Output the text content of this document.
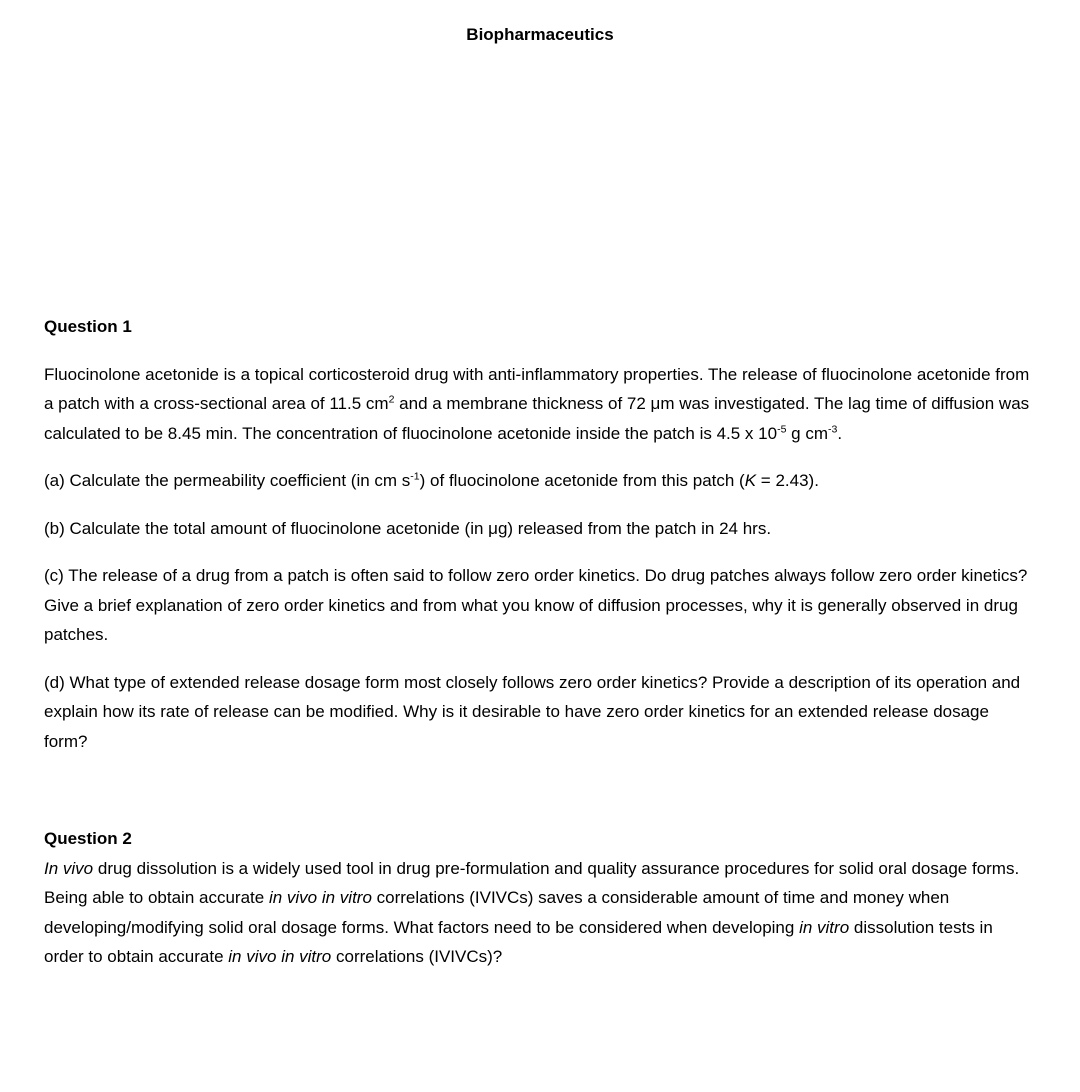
Biopharmaceutics

Question 1

Fluocinolone acetonide is a topical corticosteroid drug with anti-inflammatory properties. The release of fluocinolone acetonide from a patch with a cross-sectional area of 11.5 $cm^2$ and a membrane thickness of 72 μm was investigated. The lag time of diffusion was calculated to be 8.45 min. The concentration of fluocinolone acetonide inside the patch is 4.5 x $10^{-5}$ g $cm^{-3}$.

(a) Calculate the permeability coefficient (in cm $s^{-1}$) of fluocinolone acetonide from this patch (K = 2.43).

(b) Calculate the total amount of fluocinolone acetonide (in μg) released from the patch in 24 hrs.

(c) The release of a drug from a patch is often said to follow zero order kinetics. Do drug patches always follow zero order kinetics? Give a brief explanation of zero order kinetics and from what you know of diffusion processes, why it is generally observed in drug patches.

(d) What type of extended release dosage form most closely follows zero order kinetics? Provide a description of its operation and explain how its rate of release can be modified. Why is it desirable to have zero order kinetics for an extended release dosage form?

Question 2

In vivo drug dissolution is a widely used tool in drug pre-formulation and quality assurance procedures for solid oral dosage forms. Being able to obtain accurate in vivo in vitro correlations (IVIVCs) saves a considerable amount of time and money when developing/modifying solid oral dosage forms. What factors need to be considered when developing in vitro dissolution tests in order to obtain accurate in vivo in vitro correlations (IVIVCs)?
